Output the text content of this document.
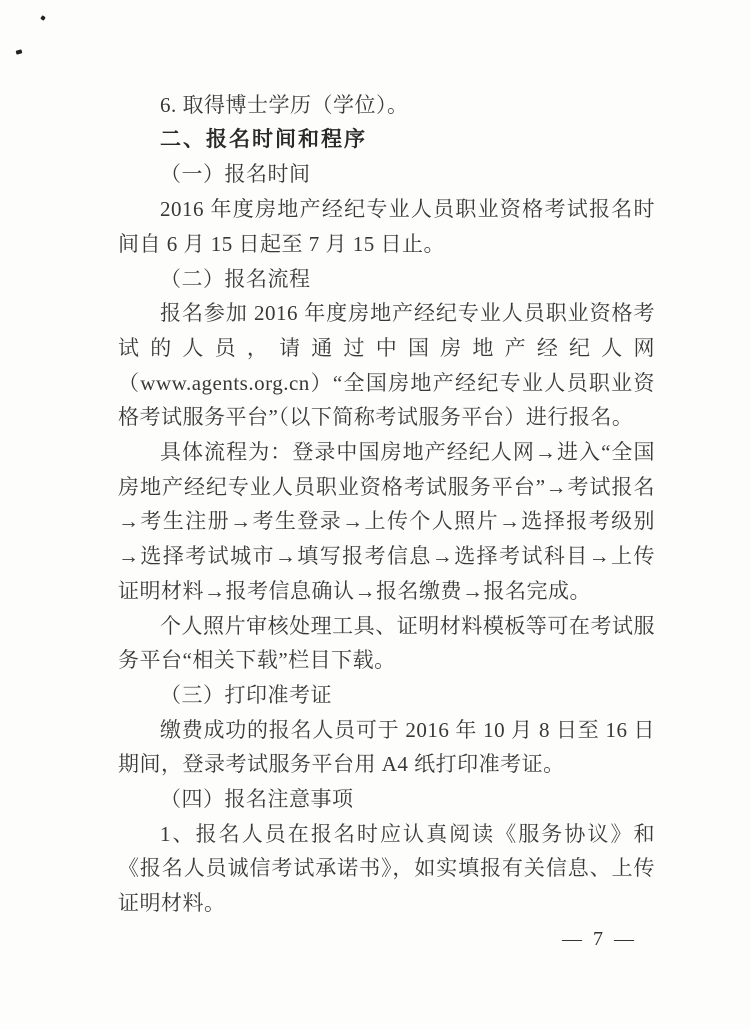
6. 取得博士学历（学位）。

二、报名时间和程序

（一）报名时间

2016 年度房地产经纪专业人员职业资格考试报名时间自 6 月 15 日起至 7 月 15 日止。

（二）报名流程

报名参加 2016 年度房地产经纪专业人员职业资格考试的人员，请通过中国房地产经纪人网（www.agents.org.cn）“全国房地产经纪专业人员职业资格考试服务平台”（以下简称考试服务平台）进行报名。

具体流程为：登录中国房地产经纪人网→进入“全国房地产经纪专业人员职业资格考试服务平台”→考试报名→考生注册→考生登录→上传个人照片→选择报考级别→选择考试城市→填写报考信息→选择考试科目→上传证明材料→报考信息确认→报名缴费→报名完成。

个人照片审核处理工具、证明材料模板等可在考试服务平台“相关下载”栏目下载。

（三）打印准考证

缴费成功的报名人员可于 2016 年 10 月 8 日至 16 日期间，登录考试服务平台用 A4 纸打印准考证。

（四）报名注意事项

1、报名人员在报名时应认真阅读《服务协议》和《报名人员诚信考试承诺书》，如实填报有关信息、上传证明材料。

— 7 —
